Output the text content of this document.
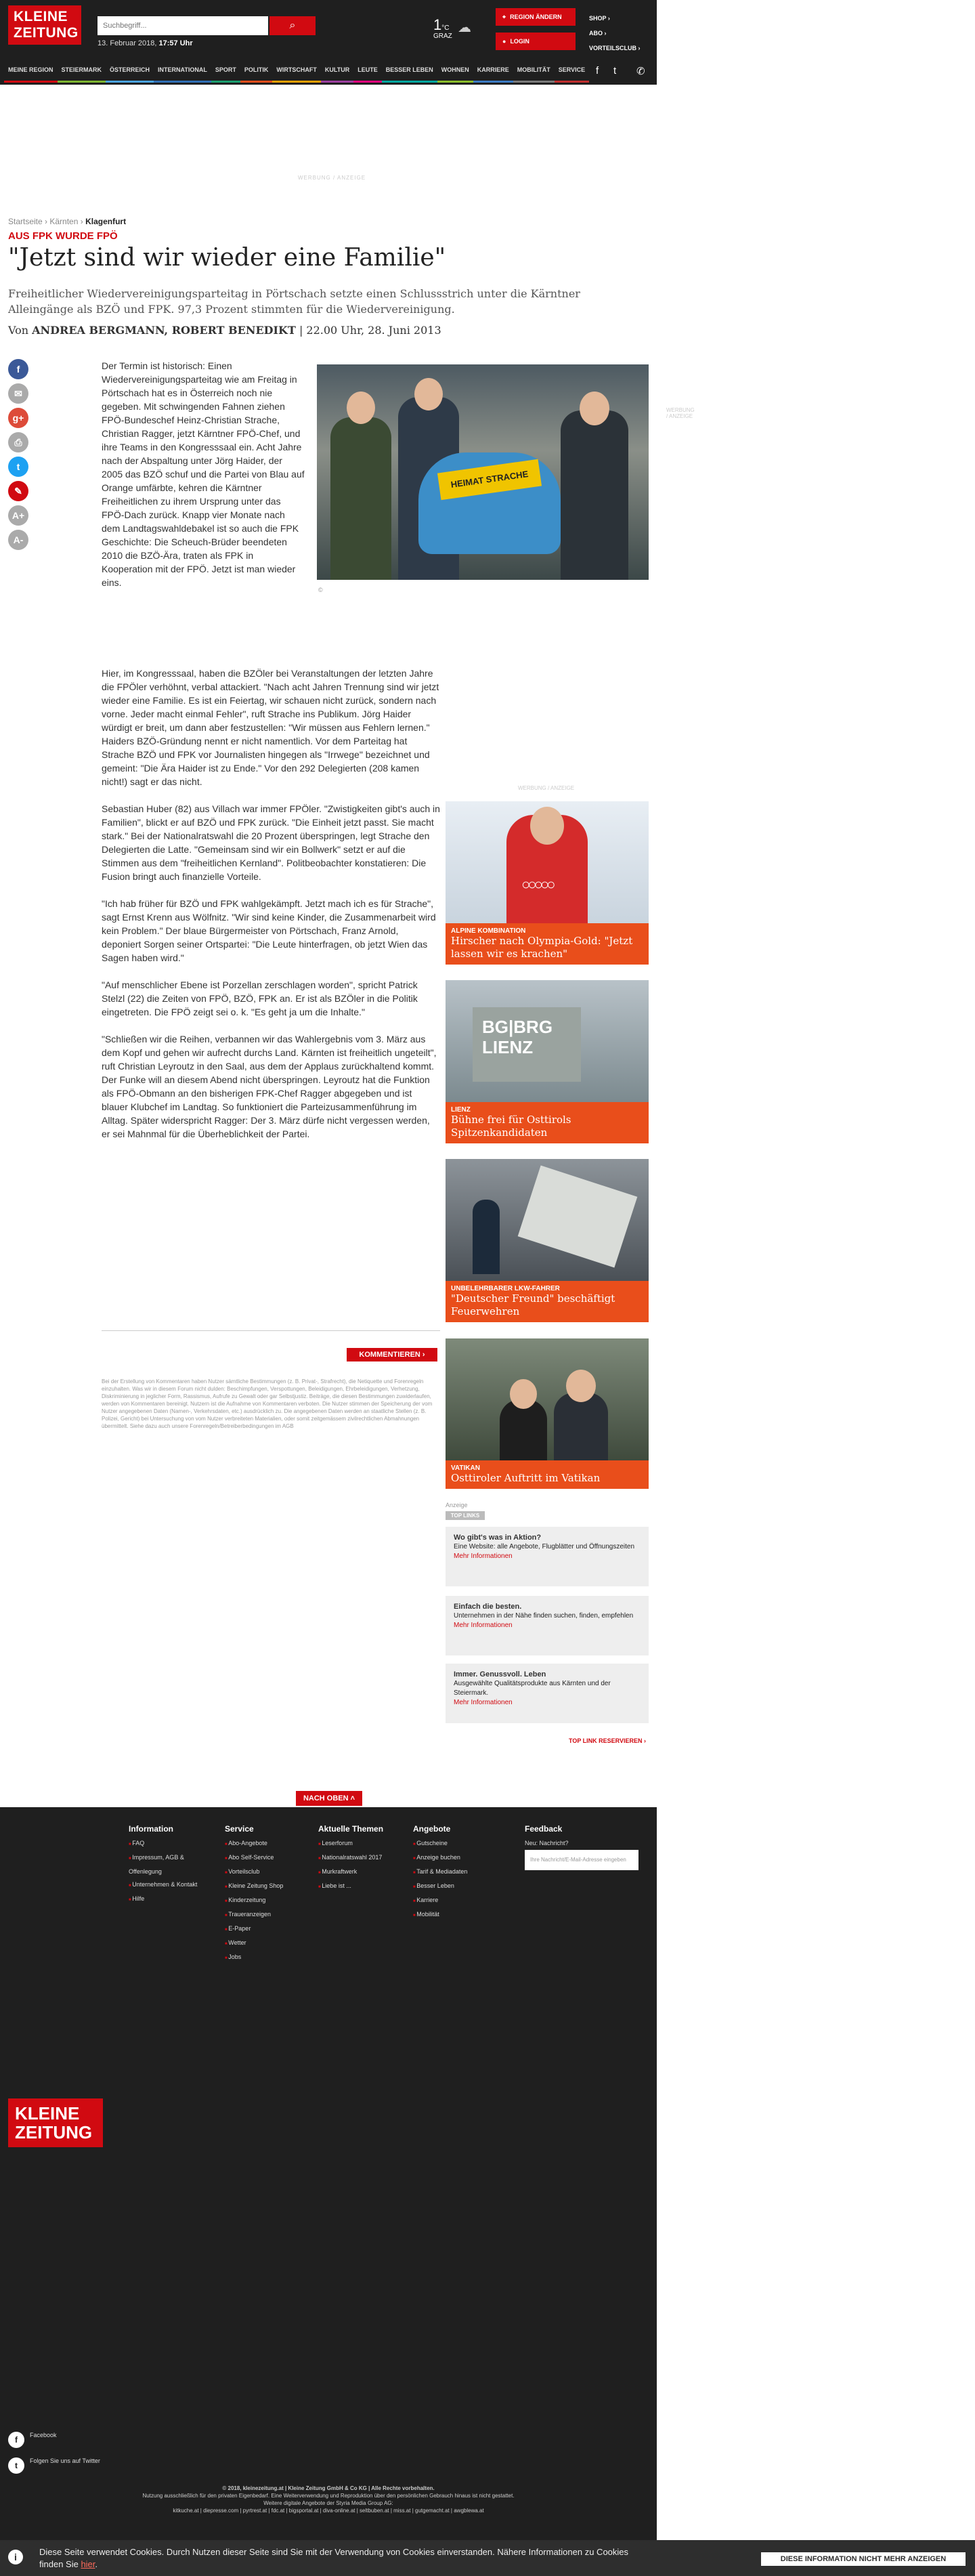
KLEINE
ZEITUNG
Suchbegriff...	⌕
13. Februar 2018, 17:57 Uhr
1°C
GRAZ
☁
⌖ REGION ÄNDERN
● LOGIN
SHOP ›
ABO ›
VORTEILSCLUB ›
MEINE REGION	STEIERMARK	ÖSTERREICH	INTERNATIONAL	SPORT	POLITIK	WIRTSCHAFT	KULTUR	LEUTE	BESSER LEBEN	WOHNEN	KARRIERE	MOBILITÄT	SERVICE	f t ✆
WERBUNG / ANZEIGE
Startseite › Kärnten › Klagenfurt
AUS FPK WURDE FPÖ
"Jetzt sind wir wieder eine Familie"
Freiheitlicher Wiedervereinigungsparteitag in Pörtschach setzte einen Schlussstrich unter die Kärntner Alleingänge als BZÖ und FPK. 97,3 Prozent stimmten für die Wiedervereinigung.
Von ANDREA BERGMANN, ROBERT BENEDIKT | 22.00 Uhr, 28. Juni 2013
f
✉
g+
⎙
t
✎
A+
A-
HEIMAT STRACHE
©
WERBUNG / ANZEIGE

Der Termin ist historisch: Einen Wiedervereinigungsparteitag wie am Freitag in Pörtschach hat es in Österreich noch nie gegeben. Mit schwingenden Fahnen ziehen FPÖ-Bundeschef Heinz-Christian Strache, Christian Ragger, jetzt Kärntner FPÖ-Chef, und ihre Teams in den Kongresssaal ein. Acht Jahre nach der Abspaltung unter Jörg Haider, der 2005 das BZÖ schuf und die Partei von Blau auf Orange umfärbte, kehren die Kärntner Freiheitlichen zu ihrem Ursprung unter das FPÖ-Dach zurück. Knapp vier Monate nach dem Landtagswahldebakel ist so auch die FPK Geschichte: Die Scheuch-Brüder beendeten 2010 die BZÖ-Ära, traten als FPK in Kooperation mit der FPÖ. Jetzt ist man wieder eins.

Hier, im Kongresssaal, haben die BZÖler bei Veranstaltungen der letzten Jahre die FPÖler verhöhnt, verbal attackiert. "Nach acht Jahren Trennung sind wir jetzt wieder eine Familie. Es ist ein Feiertag, wir schauen nicht zurück, sondern nach vorne. Jeder macht einmal Fehler", ruft Strache ins Publikum. Jörg Haider würdigt er breit, um dann aber festzustellen: "Wir müssen aus Fehlern lernen." Haiders BZÖ-Gründung nennt er nicht namentlich. Vor dem Parteitag hat Strache BZÖ und FPK vor Journalisten hingegen als "Irrwege" bezeichnet und gemeint: "Die Ära Haider ist zu Ende." Vor den 292 Delegierten (208 kamen nicht!) sagt er das nicht.

Sebastian Huber (82) aus Villach war immer FPÖler. "Zwistigkeiten gibt's auch in Familien", blickt er auf BZÖ und FPK zurück. "Die Einheit jetzt passt. Sie macht stark." Bei der Nationalratswahl die 20 Prozent überspringen, legt Strache den Delegierten die Latte. "Gemeinsam sind wir ein Bollwerk" setzt er auf die Stimmen aus dem "freiheitlichen Kernland". Politbeobachter konstatieren: Die Fusion bringt auch finanzielle Vorteile.

"Ich hab früher für BZÖ und FPK wahlgekämpft. Jetzt mach ich es für Strache", sagt Ernst Krenn aus Wölfnitz. "Wir sind keine Kinder, die Zusammenarbeit wird kein Problem." Der blaue Bürgermeister von Pörtschach, Franz Arnold, deponiert Sorgen seiner Ortspartei: "Die Leute hinterfragen, ob jetzt Wien das Sagen haben wird."

"Auf menschlicher Ebene ist Porzellan zerschlagen worden", spricht Patrick Stelzl (22) die Zeiten von FPÖ, BZÖ, FPK an. Er ist als BZÖler in die Politik eingetreten. Die FPÖ zeigt sei o. k. "Es geht ja um die Inhalte."

"Schließen wir die Reihen, verbannen wir das Wahlergebnis vom 3. März aus dem Kopf und gehen wir aufrecht durchs Land. Kärnten ist freiheitlich ungeteilt", ruft Christian Leyroutz in den Saal, aus dem der Applaus zurückhaltend kommt. Der Funke will an diesem Abend nicht überspringen. Leyroutz hat die Funktion als FPÖ-Obmann an den bisherigen FPK-Chef Ragger abgegeben und ist blauer Klubchef im Landtag. So funktioniert die Parteizusammenführung im Alltag. Später widerspricht Ragger: Der 3. März dürfe nicht vergessen werden, er sei Mahnmal für die Überheblichkeit der Partei.

KOMMENTIEREN ›
Bei der Erstellung von Kommentaren haben Nutzer sämtliche Bestimmungen (z. B. Privat-, Strafrecht), die Netiquette und Forenregeln einzuhalten. Was wir in diesem Forum nicht dulden: Beschimpfungen, Verspottungen, Beleidigungen, Ehrbeleidigungen, Verhetzung, Diskriminierung in jeglicher Form, Rassismus, Aufrufe zu Gewalt oder gar Selbstjustiz. Beiträge, die diesen Bestimmungen zuwiderlaufen, werden von Kommentaren bereinigt. Nutzern ist die Aufnahme von Kommentaren verboten. Die Nutzer stimmen der Speicherung der vom Nutzer angegebenen Daten (Namen-, Verkehrsdaten, etc.) ausdrücklich zu. Die angegebenen Daten werden an staatliche Stellen (z. B. Polizei, Gericht) bei Untersuchung von vom Nutzer verbreiteten Materialien, oder somit zeitgemässem zivilrechtlichen Abmahnungen übermittelt. Siehe dazu auch unsere Forenregeln/Betreiberbedingungen im AGB
WERBUNG / ANZEIGE
○○○○○
ALPINE KOMBINATION
Hirscher nach Olympia-Gold: "Jetzt lassen wir es krachen"
BG|BRG
LIENZ
LIENZ
Bühne frei für Osttirols Spitzenkandidaten
UNBELEHRBARER LKW-FAHRER
"Deutscher Freund" beschäftigt Feuerwehren
VATIKAN
Osttiroler Auftritt im Vatikan
Anzeige
TOP LINKS
Wo gibt's was in Aktion?
Eine Website: alle Angebote, Flugblätter und Öffnungszeiten
Mehr Informationen
Einfach die besten.
Unternehmen in der Nähe finden suchen, finden, empfehlen
Mehr Informationen
Immer. Genussvoll. Leben
Ausgewählte Qualitätsprodukte aus Kärnten und der Steiermark.
Mehr Informationen
TOP LINK RESERVIEREN ›
NACH OBEN ˄
Information
■ FAQ
■ Impressum, AGB & Offenlegung
■ Unternehmen & Kontakt
■ Hilfe
Service
■ Abo-Angebote
■ Abo Self-Service
■ Vorteilsclub
■ Kleine Zeitung Shop
■ Kinderzeitung
■ Traueranzeigen
■ E-Paper
■ Wetter
■ Jobs
Aktuelle Themen
■ Leserforum
■ Nationalratswahl 2017
■ Murkraftwerk
■ Liebe ist ...
Angebote
■ Gutscheine
■ Anzeige buchen
■ Tarif & Mediadaten
■ Besser Leben
■ Karriere
■ Mobilität
Feedback
Neu: Nachricht?
Ihre Nachricht/E-Mail-Adresse eingeben
KLEINE
ZEITUNG
f	Facebook
t	Folgen Sie uns auf Twitter
© 2018, kleinezeitung.at | Kleine Zeitung GmbH & Co KG | Alle Rechte vorbehalten.
Nutzung ausschließlich für den privaten Eigenbedarf. Eine Weiterverwendung und Reproduktion über den persönlichen Gebrauch hinaus ist nicht gestattet.
Weitere digitale Angebote der Styria Media Group AG:
kitkuche.at | diepresse.com | pyrtrest.at | fdc.at | bigsportal.at | diva-online.at | seltbuben.at | miss.at | gutgemacht.at | awgblewa.at
i	Diese Seite verwendet Cookies. Durch Nutzen dieser Seite sind Sie mit der Verwendung von Cookies einverstanden. Nähere Informationen zu Cookies finden Sie hier.	DIESE INFORMATION NICHT MEHR ANZEIGEN
